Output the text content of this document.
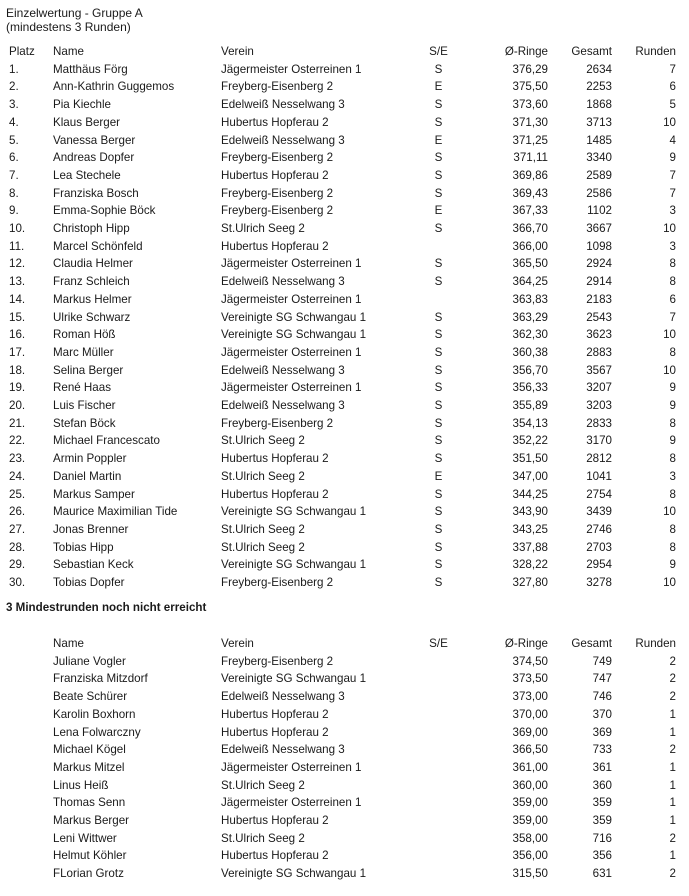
Einzelwertung - Gruppe A
(mindestens 3 Runden)
Platz	Name	Verein	S/E	Ø-Ringe	Gesamt	Runden
1.	Matthäus Förg	Jägermeister Osterreinen 1	S	376,29	2634	7
2.	Ann-Kathrin Guggemos	Freyberg-Eisenberg 2	E	375,50	2253	6
3.	Pia Kiechle	Edelweiß Nesselwang 3	S	373,60	1868	5
4.	Klaus Berger	Hubertus Hopferau 2	S	371,30	3713	10
5.	Vanessa Berger	Edelweiß Nesselwang 3	E	371,25	1485	4
6.	Andreas Dopfer	Freyberg-Eisenberg 2	S	371,11	3340	9
7.	Lea Stechele	Hubertus Hopferau 2	S	369,86	2589	7
8.	Franziska Bosch	Freyberg-Eisenberg 2	S	369,43	2586	7
9.	Emma-Sophie Böck	Freyberg-Eisenberg 2	E	367,33	1102	3
10.	Christoph Hipp	St.Ulrich Seeg 2	S	366,70	3667	10
11.	Marcel Schönfeld	Hubertus Hopferau 2		366,00	1098	3
12.	Claudia Helmer	Jägermeister Osterreinen 1	S	365,50	2924	8
13.	Franz Schleich	Edelweiß Nesselwang 3	S	364,25	2914	8
14.	Markus Helmer	Jägermeister Osterreinen 1		363,83	2183	6
15.	Ulrike Schwarz	Vereinigte SG Schwangau 1	S	363,29	2543	7
16.	Roman Höß	Vereinigte SG Schwangau 1	S	362,30	3623	10
17.	Marc Müller	Jägermeister Osterreinen 1	S	360,38	2883	8
18.	Selina Berger	Edelweiß Nesselwang 3	S	356,70	3567	10
19.	René Haas	Jägermeister Osterreinen 1	S	356,33	3207	9
20.	Luis Fischer	Edelweiß Nesselwang 3	S	355,89	3203	9
21.	Stefan Böck	Freyberg-Eisenberg 2	S	354,13	2833	8
22.	Michael Francescato	St.Ulrich Seeg 2	S	352,22	3170	9
23.	Armin Poppler	Hubertus Hopferau 2	S	351,50	2812	8
24.	Daniel Martin	St.Ulrich Seeg 2	E	347,00	1041	3
25.	Markus Samper	Hubertus Hopferau 2	S	344,25	2754	8
26.	Maurice Maximilian Tide	Vereinigte SG Schwangau 1	S	343,90	3439	10
27.	Jonas Brenner	St.Ulrich Seeg 2	S	343,25	2746	8
28.	Tobias Hipp	St.Ulrich Seeg 2	S	337,88	2703	8
29.	Sebastian Keck	Vereinigte SG Schwangau 1	S	328,22	2954	9
30.	Tobias Dopfer	Freyberg-Eisenberg 2	S	327,80	3278	10
3 Mindestrunden noch nicht erreicht
	Name	Verein	S/E	Ø-Ringe	Gesamt	Runden
	Juliane Vogler	Freyberg-Eisenberg 2		374,50	749	2
	Franziska Mitzdorf	Vereinigte SG Schwangau 1		373,50	747	2
	Beate Schürer	Edelweiß Nesselwang 3		373,00	746	2
	Karolin Boxhorn	Hubertus Hopferau 2		370,00	370	1
	Lena Folwarczny	Hubertus Hopferau 2		369,00	369	1
	Michael Kögel	Edelweiß Nesselwang 3		366,50	733	2
	Markus Mitzel	Jägermeister Osterreinen 1		361,00	361	1
	Linus Heiß	St.Ulrich Seeg 2		360,00	360	1
	Thomas Senn	Jägermeister Osterreinen 1		359,00	359	1
	Markus Berger	Hubertus Hopferau 2		359,00	359	1
	Leni Wittwer	St.Ulrich Seeg 2		358,00	716	2
	Helmut Köhler	Hubertus Hopferau 2		356,00	356	1
	FLorian Grotz	Vereinigte SG Schwangau 1		315,50	631	2
